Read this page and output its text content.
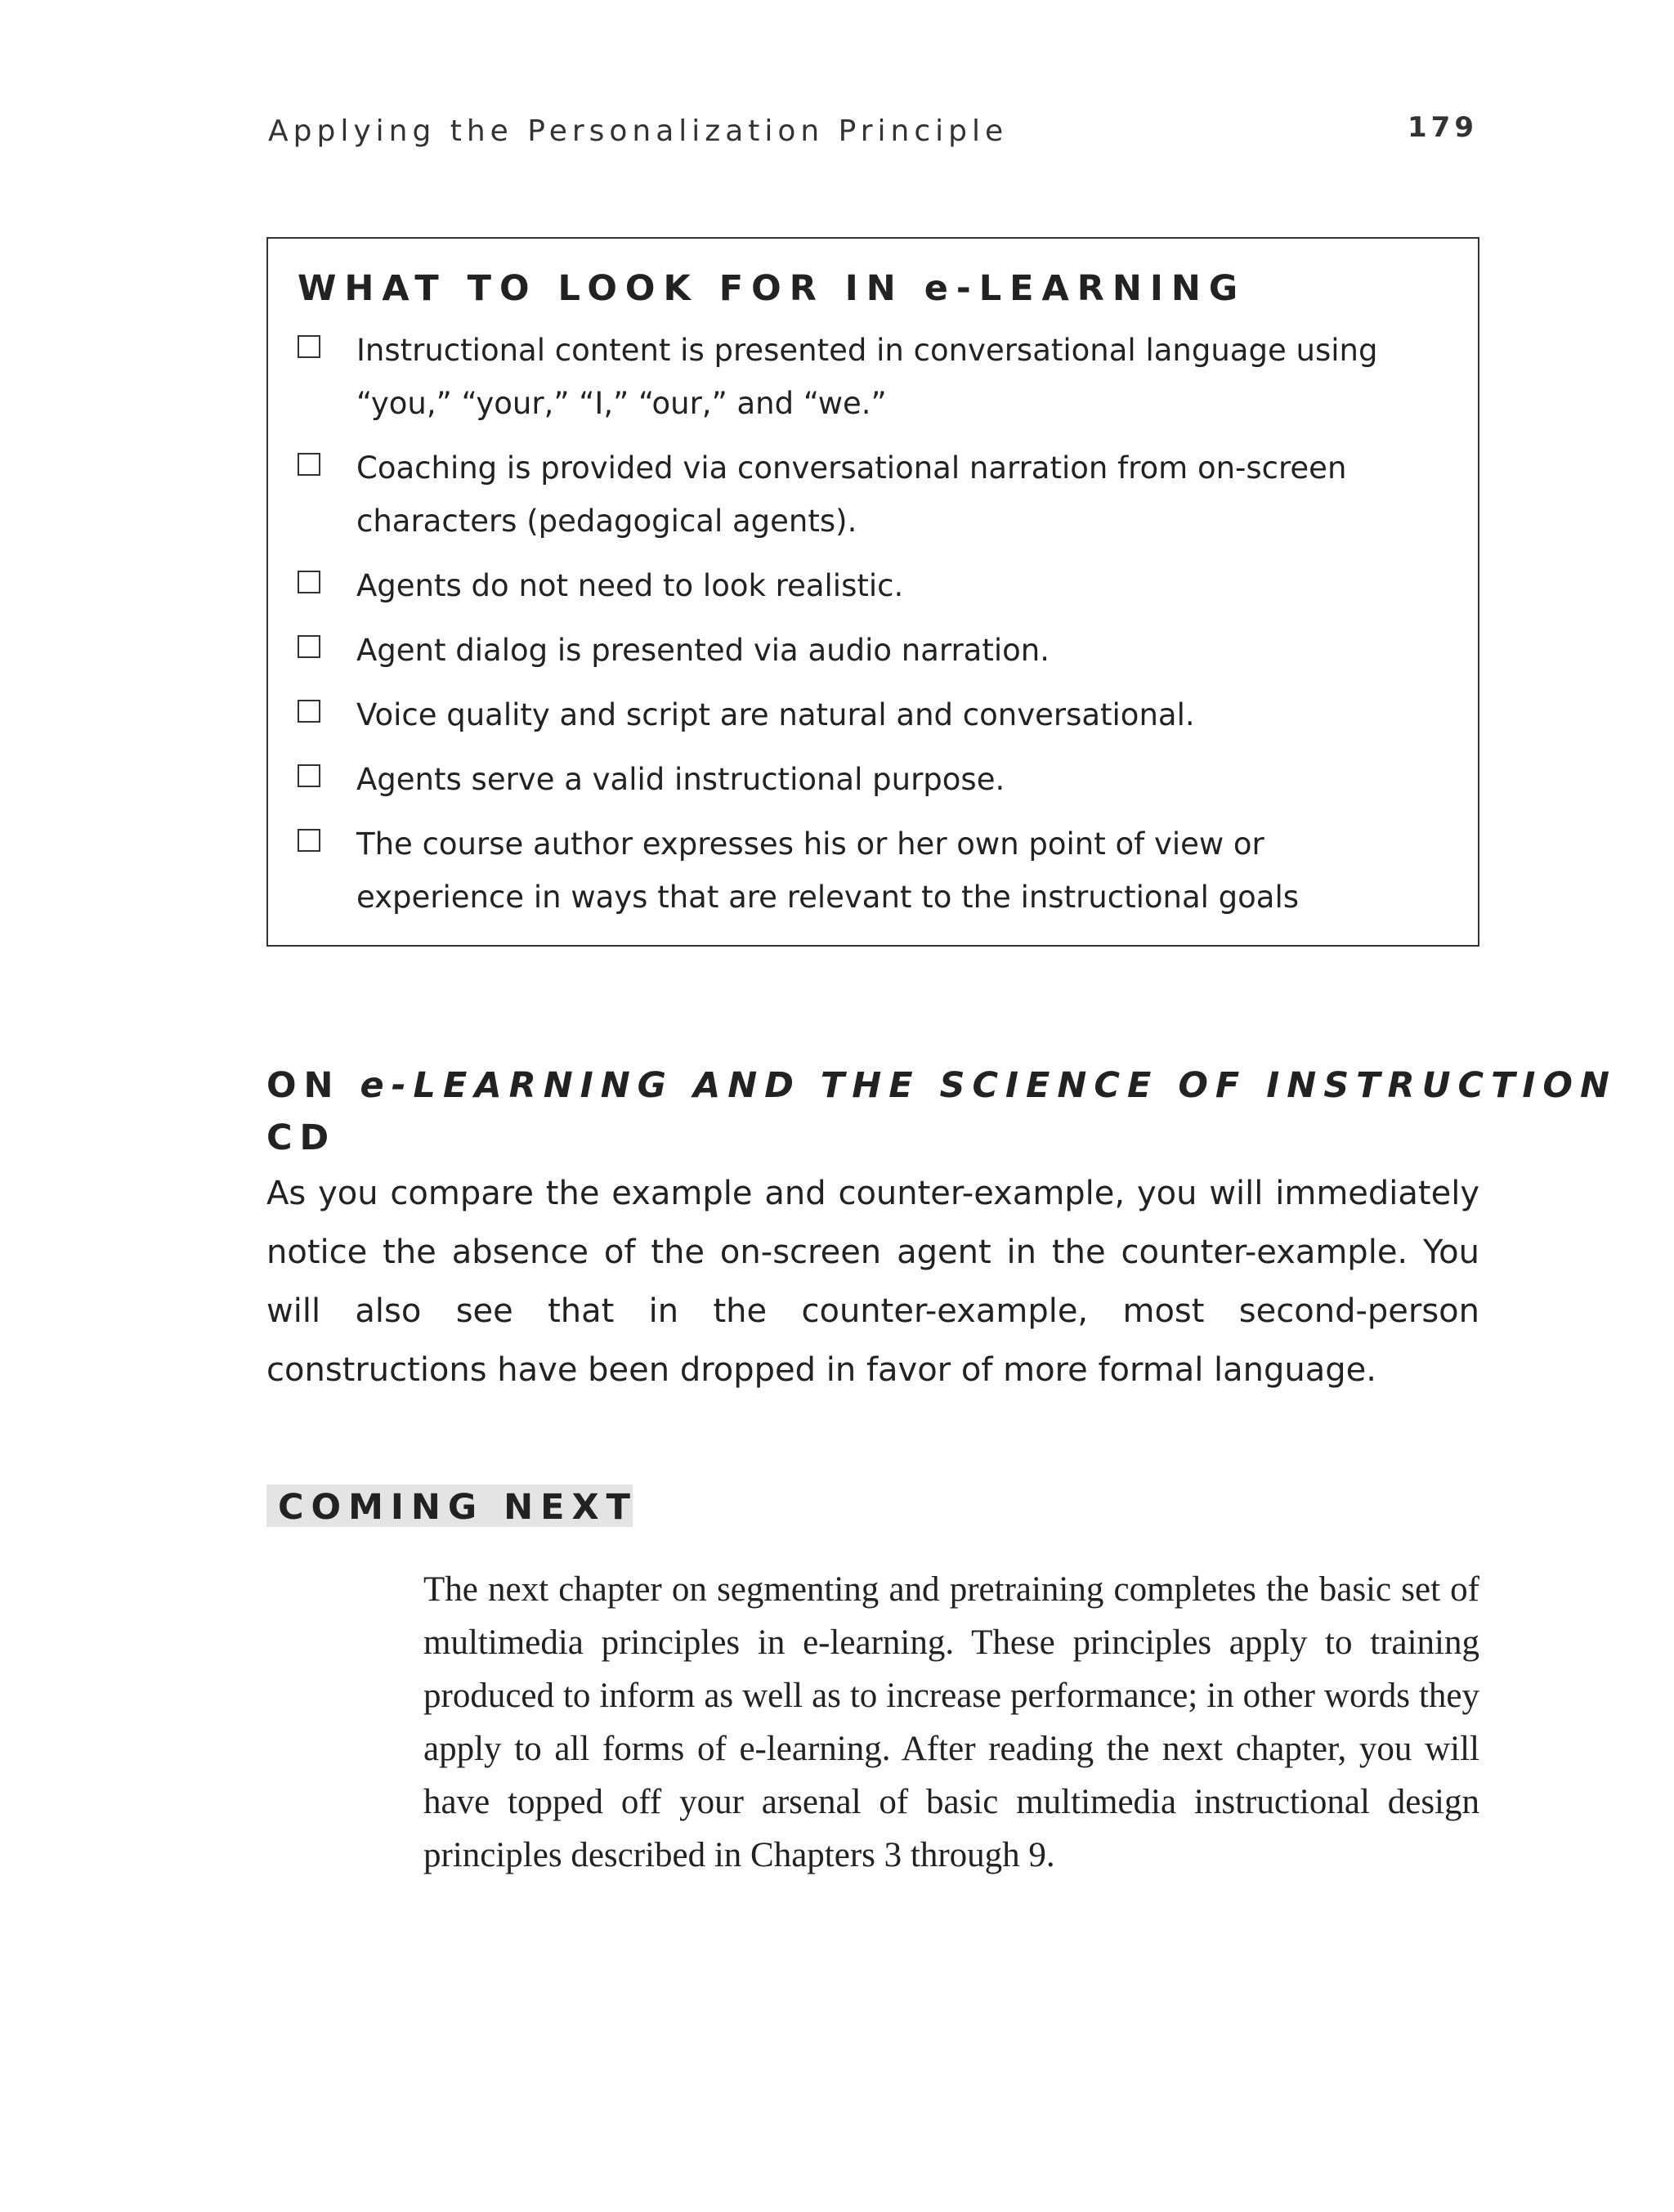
Applying the Personalization Principle	179
WHAT TO LOOK FOR IN e-LEARNING
Instructional content is presented in conversational language using “you,” “your,” “I,” “our,” and “we.”
Coaching is provided via conversational narration from on-screen characters (pedagogical agents).
Agents do not need to look realistic.
Agent dialog is presented via audio narration.
Voice quality and script are natural and conversational.
Agents serve a valid instructional purpose.
The course author expresses his or her own point of view or experience in ways that are relevant to the instructional goals
ON e-LEARNING AND THE SCIENCE OF INSTRUCTION CD

As you compare the example and counter-example, you will immediately notice the absence of the on-screen agent in the counter-example. You will also see that in the counter-example, most second-person constructions have been dropped in favor of more formal language.

COMING NEXT

The next chapter on segmenting and pretraining completes the basic set of multimedia principles in e-learning. These principles apply to training produced to inform as well as to increase performance; in other words they apply to all forms of e-learning. After reading the next chapter, you will have topped off your arsenal of basic multimedia instructional design principles described in Chapters 3 through 9.
